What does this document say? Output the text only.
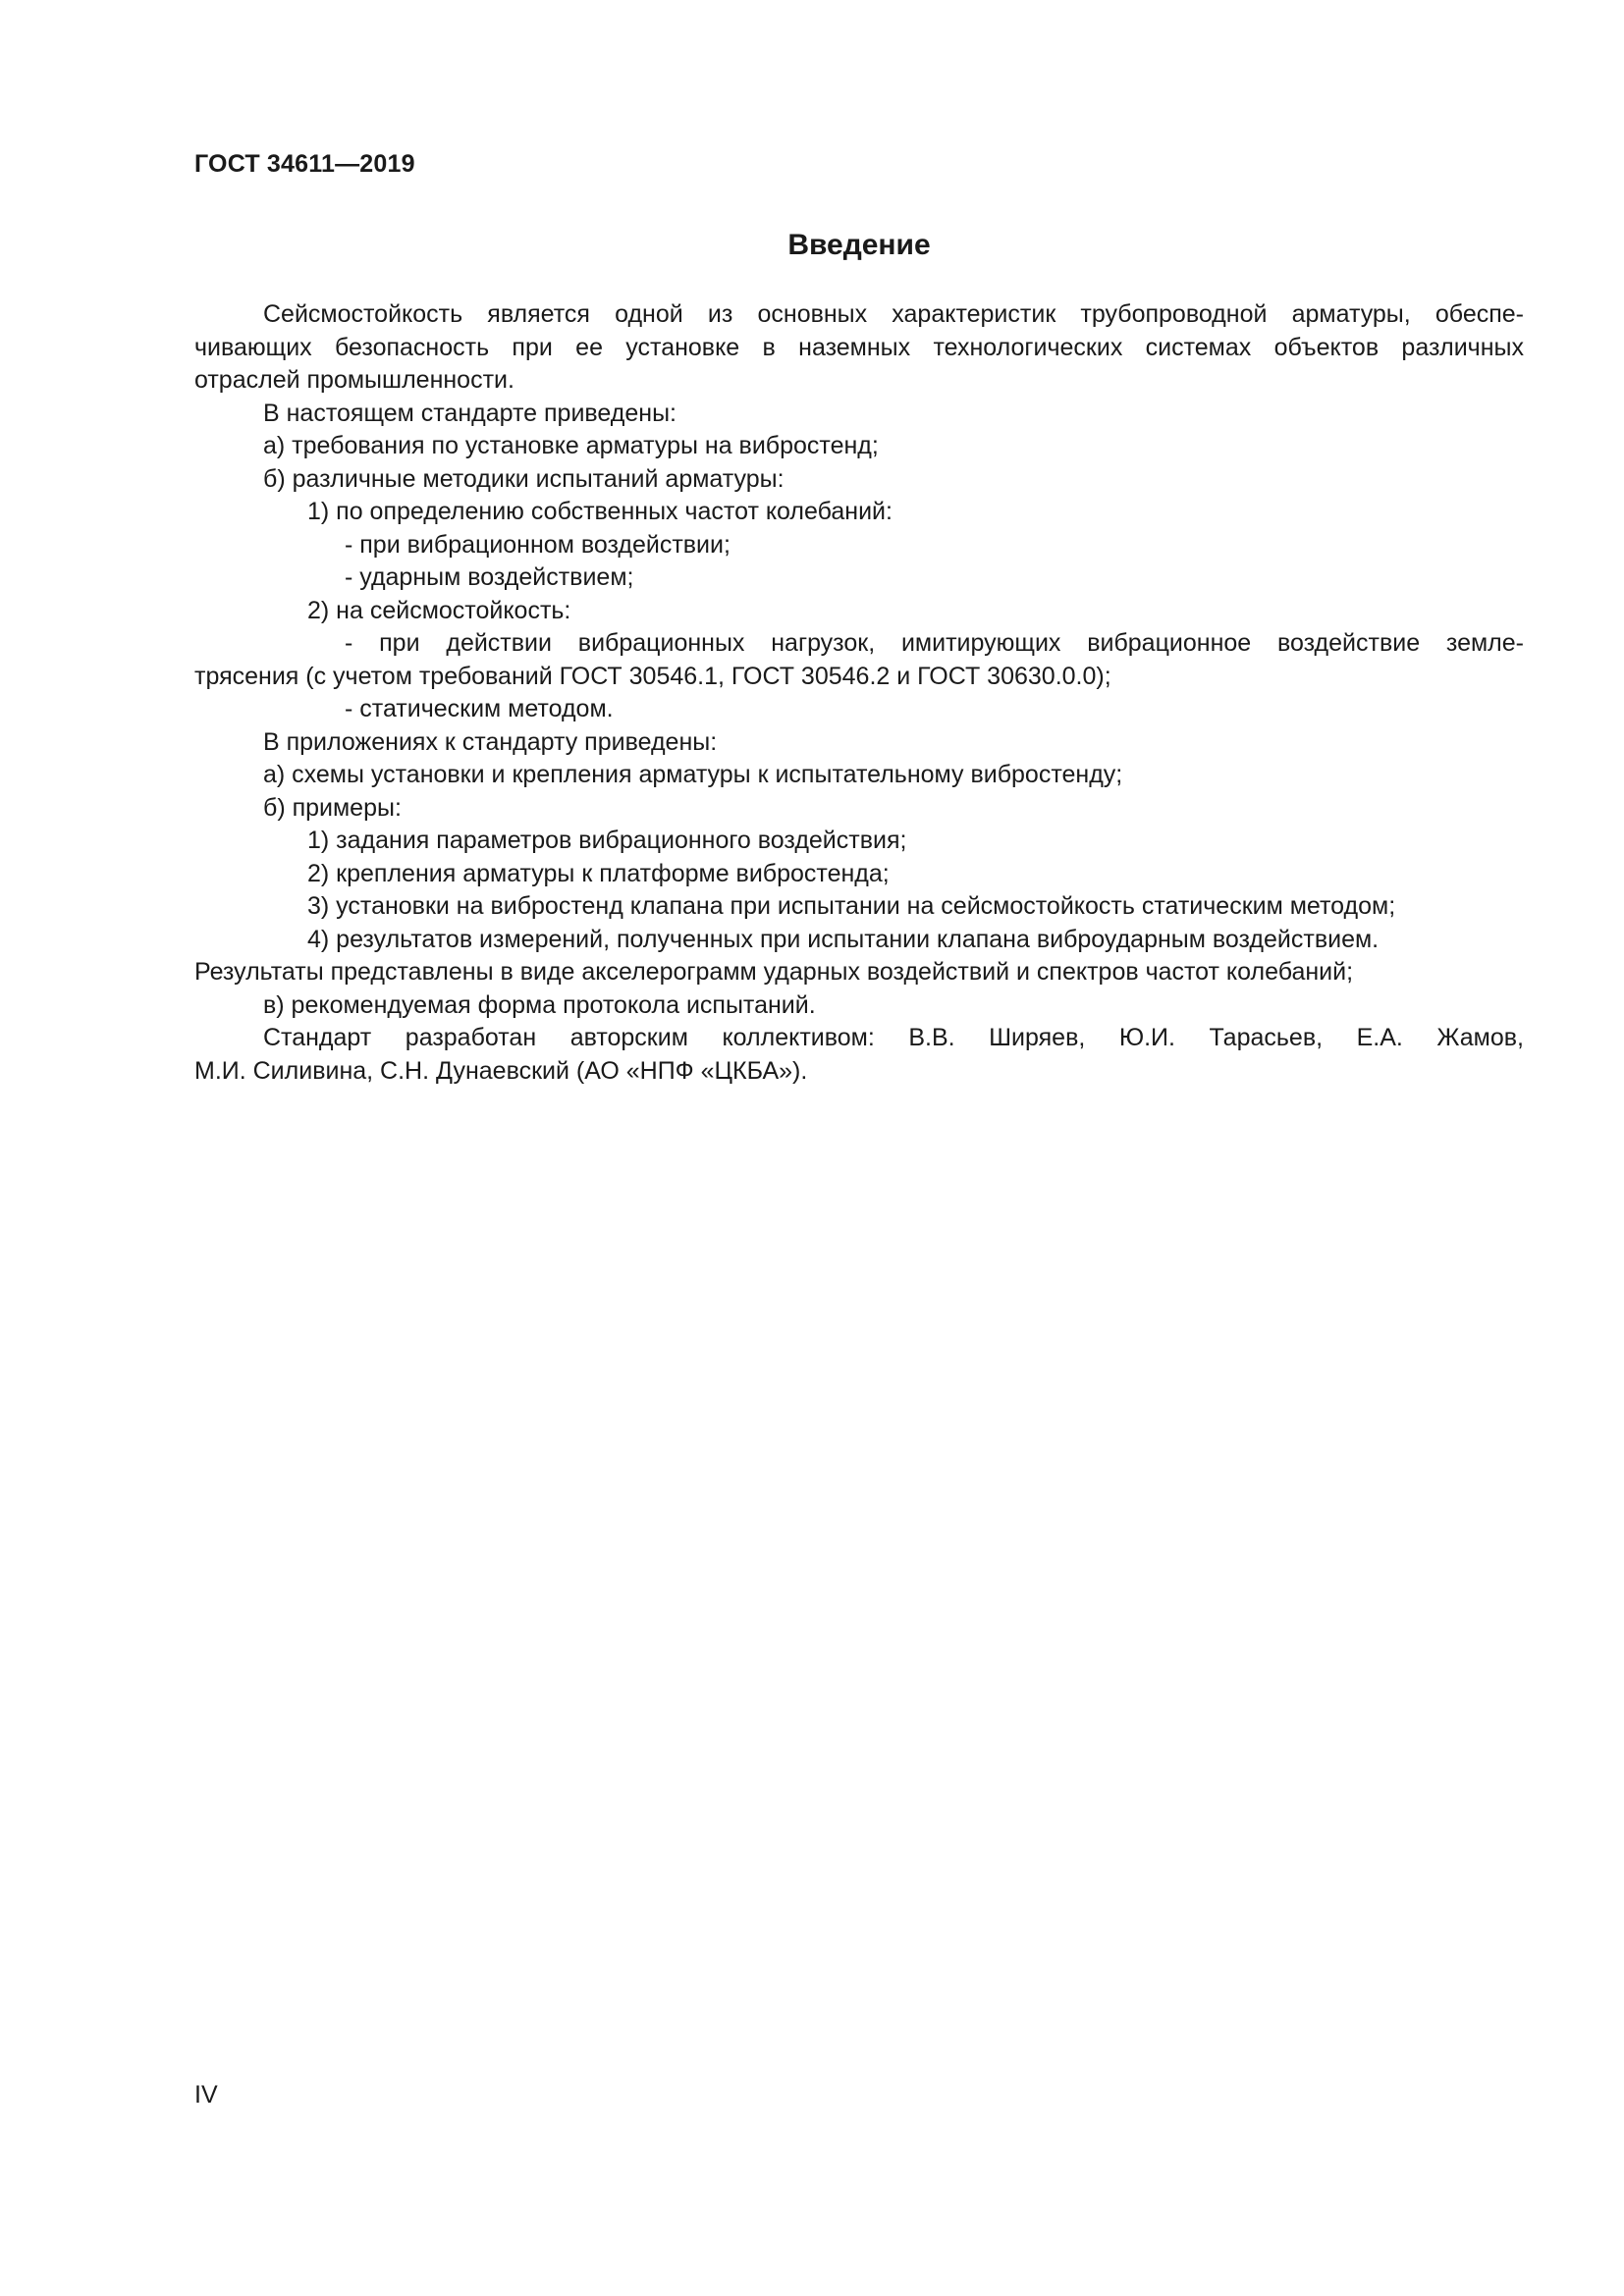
ГОСТ 34611—2019
Введение

Сейсмостойкость является одной из основных характеристик трубопроводной арматуры, обеспе-

чивающих безопасность при ее установке в наземных технологических системах объектов различных

отраслей промышленности.

В настоящем стандарте приведены:

а) требования по установке арматуры на вибростенд;

б) различные методики испытаний арматуры:

1) по определению собственных частот колебаний:

- при вибрационном воздействии;

- ударным воздействием;

2) на сейсмостойкость:

- при действии вибрационных нагрузок, имитирующих вибрационное воздействие земле-

трясения (с учетом требований ГОСТ 30546.1, ГОСТ 30546.2 и ГОСТ 30630.0.0);

- статическим методом.

В приложениях к стандарту приведены:

а) схемы установки и крепления арматуры к испытательному вибростенду;

б) примеры:

1) задания параметров вибрационного воздействия;

2) крепления арматуры к платформе вибростенда;

3) установки на вибростенд клапана при испытании на сейсмостойкость статическим методом;

4) результатов измерений, полученных при испытании клапана виброударным воздействием.

Результаты представлены в виде акселерограмм ударных воздействий и спектров частот колебаний;

в) рекомендуемая форма протокола испытаний.

Стандарт разработан авторским коллективом: В.В. Ширяев, Ю.И. Тарасьев, Е.А. Жамов,

М.И. Силивина, С.Н. Дунаевский (АО «НПФ «ЦКБА»).

IV
